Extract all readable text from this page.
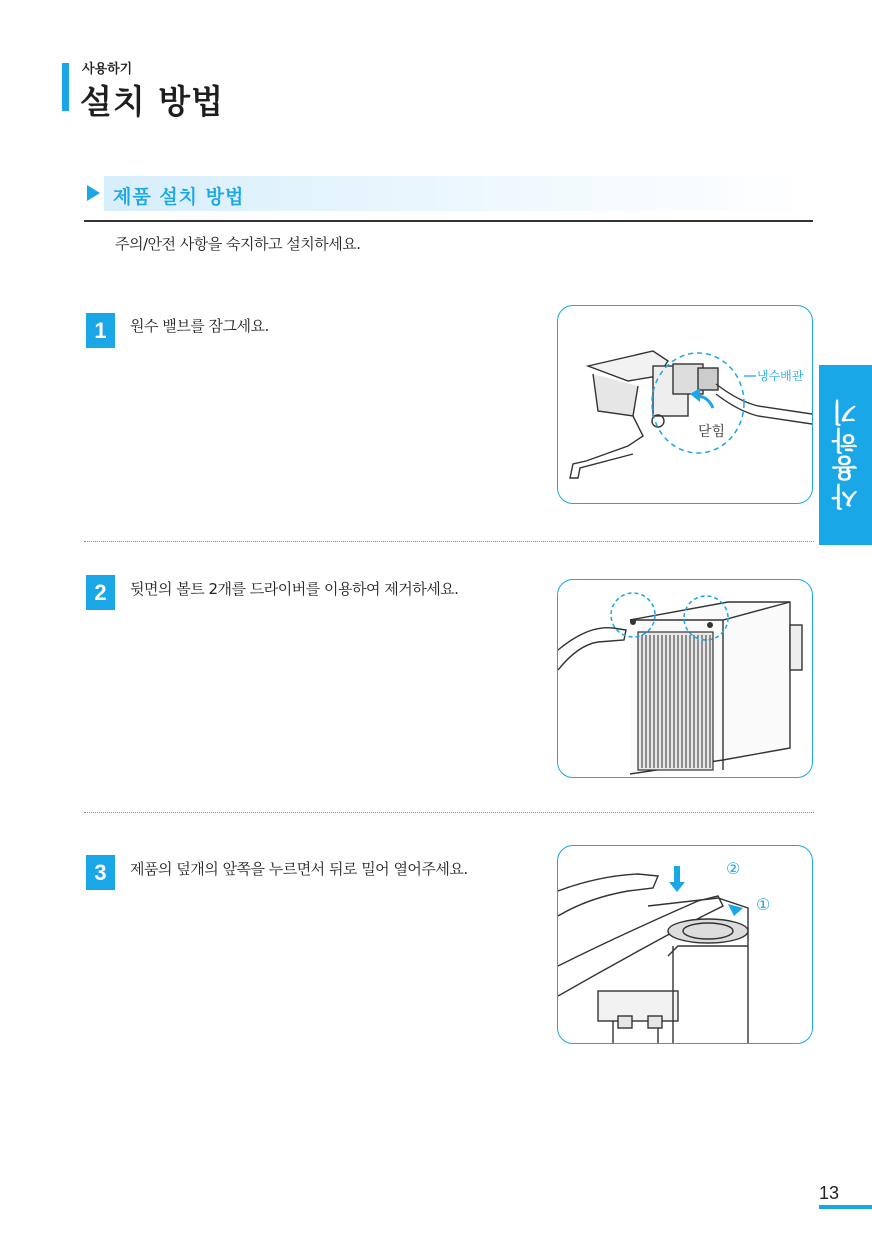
사용하기
설치 방법
제품 설치 방법
주의/안전 사항을 숙지하고 설치하세요.
1	원수 밸브를 잠그세요.
냉수배관
닫힘
2	뒷면의 볼트 2개를 드라이버를 이용하여 제거하세요.
3	제품의 덮개의 앞쪽을 누르면서 뒤로 밀어 열어주세요.	②
①
사용하기
13
